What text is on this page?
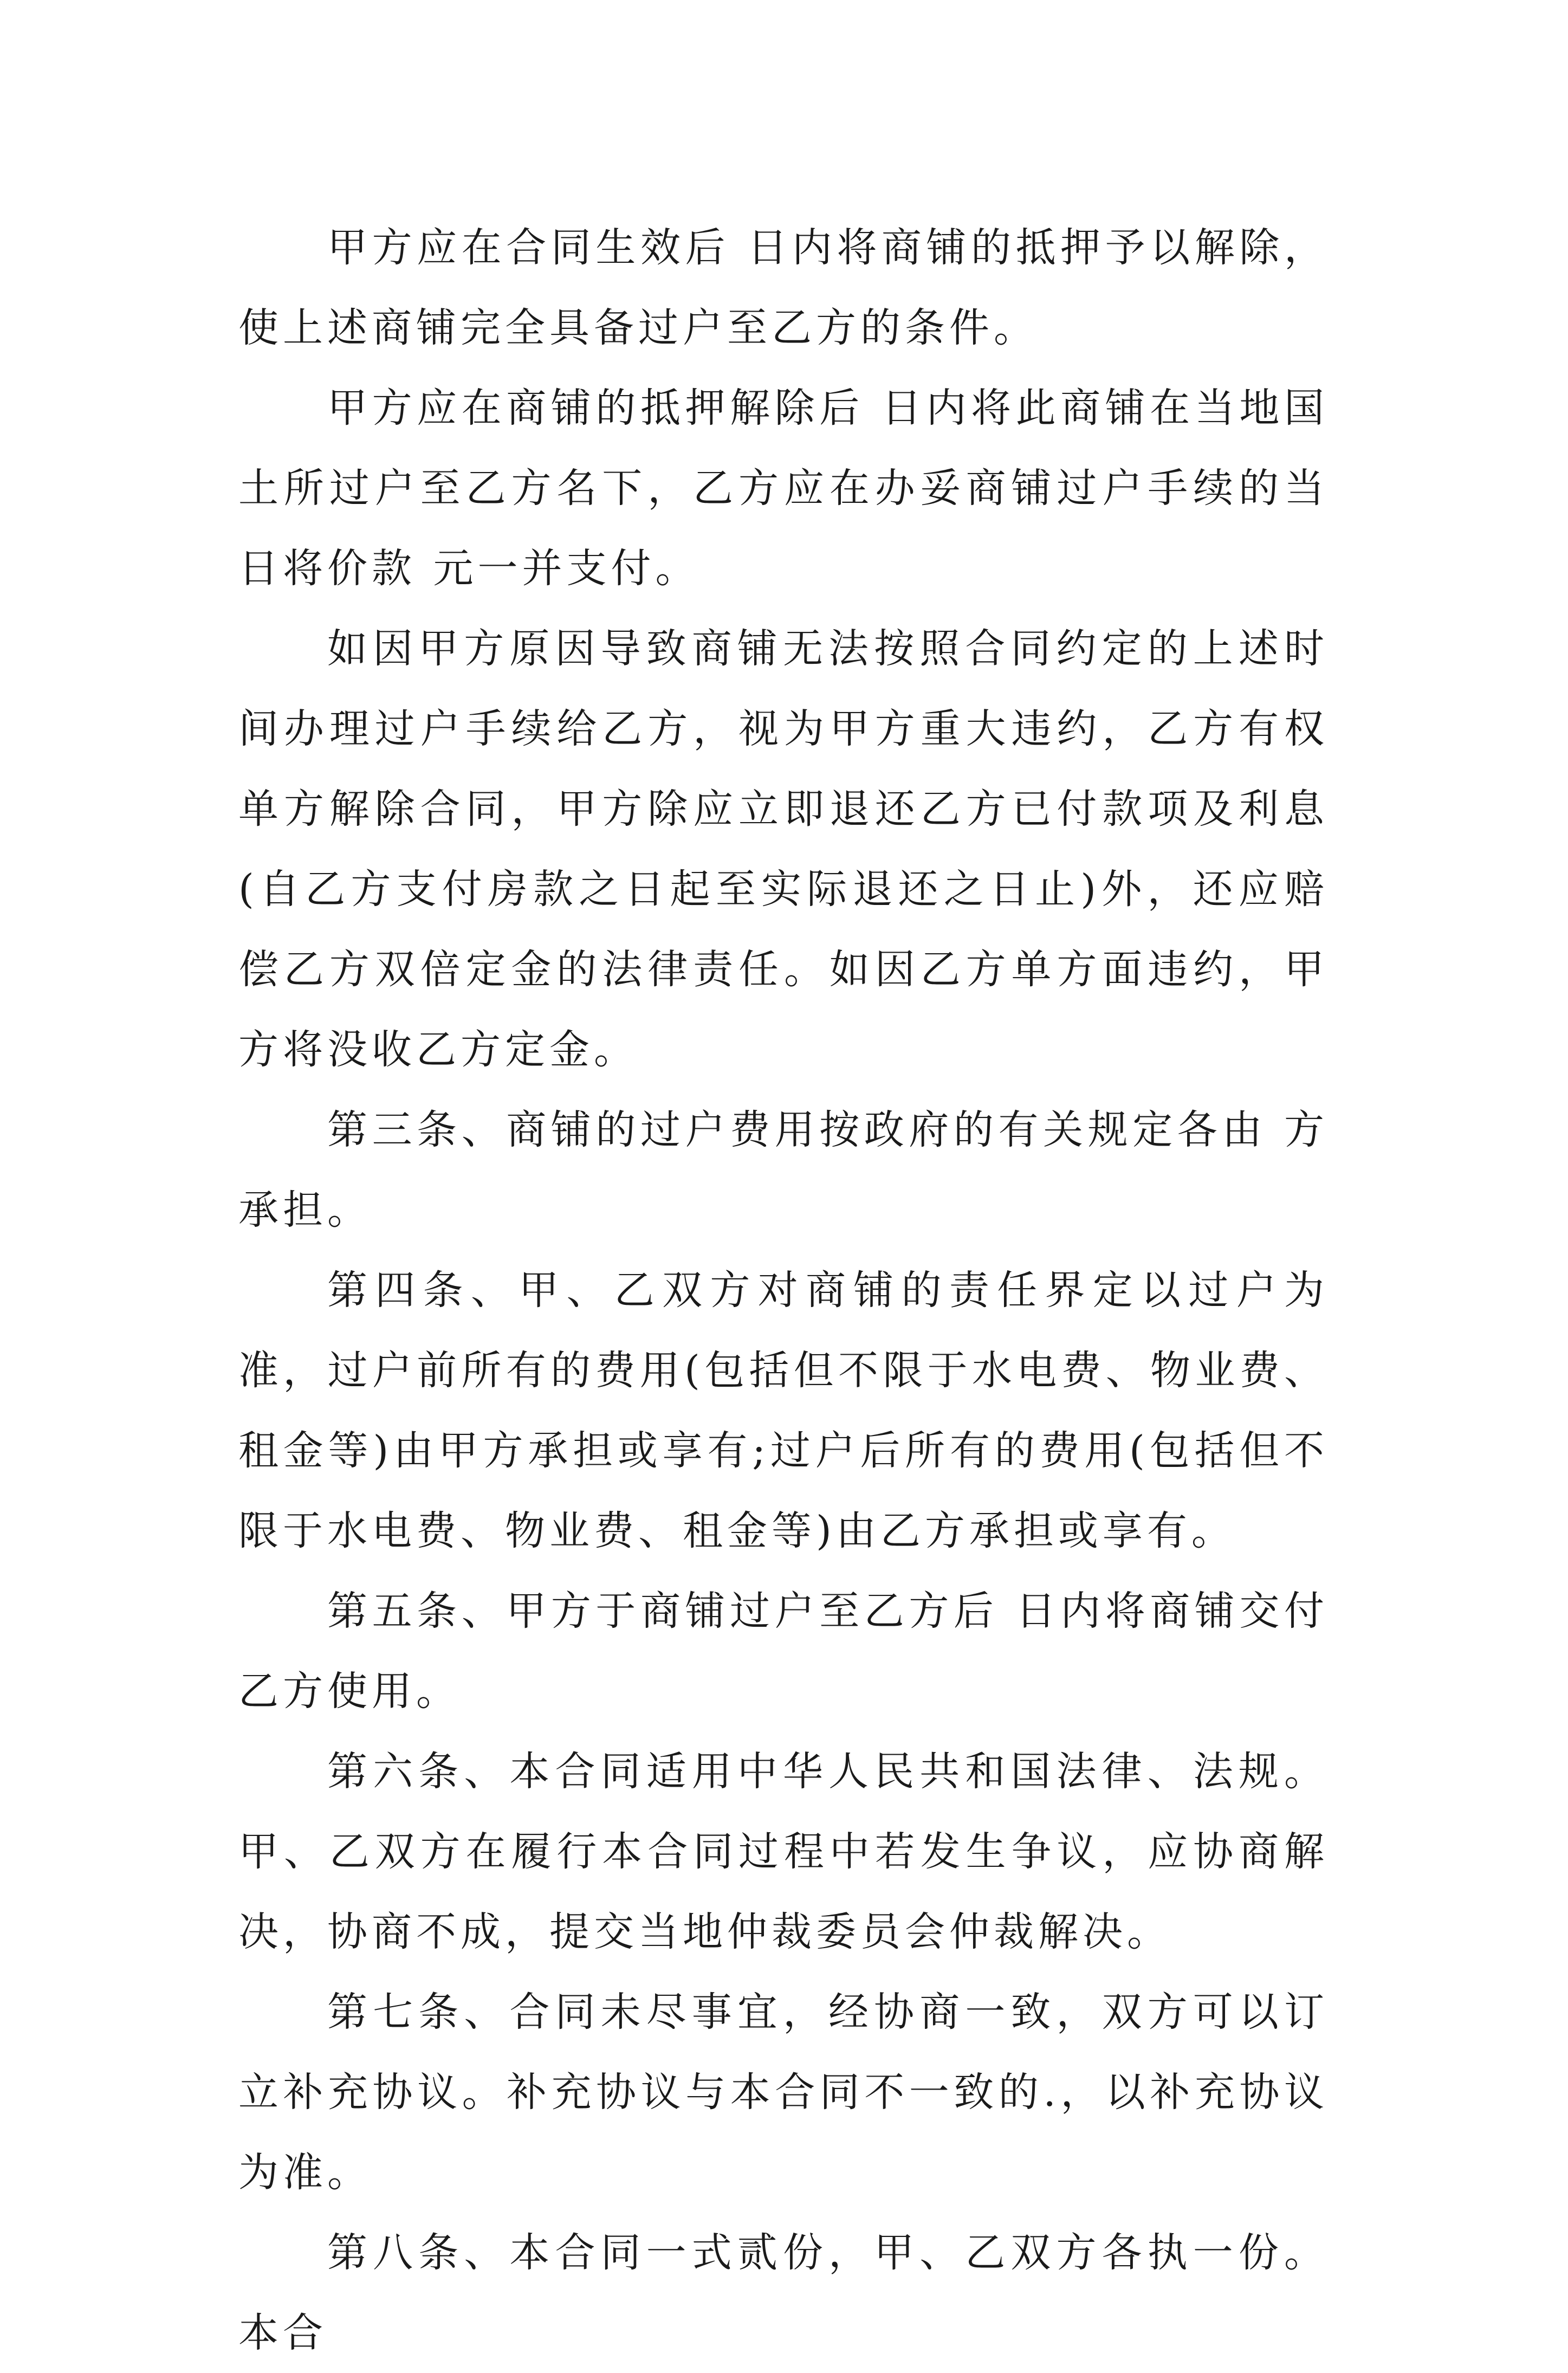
甲方应在合同生效后 日内将商铺的抵押予以解除，使上述商铺完全具备过户至乙方的条件。

甲方应在商铺的抵押解除后 日内将此商铺在当地国土所过户至乙方名下，乙方应在办妥商铺过户手续的当日将价款 元一并支付。

如因甲方原因导致商铺无法按照合同约定的上述时间办理过户手续给乙方，视为甲方重大违约，乙方有权单方解除合同，甲方除应立即退还乙方已付款项及利息(自乙方支付房款之日起至实际退还之日止)外，还应赔偿乙方双倍定金的法律责任。如因乙方单方面违约，甲方将没收乙方定金。

第三条、商铺的过户费用按政府的有关规定各由 方承担。

第四条、甲、乙双方对商铺的责任界定以过户为准，过户前所有的费用(包括但不限于水电费、物业费、租金等)由甲方承担或享有;过户后所有的费用(包括但不限于水电费、物业费、租金等)由乙方承担或享有。

第五条、甲方于商铺过户至乙方后 日内将商铺交付乙方使用。

第六条、本合同适用中华人民共和国法律、法规。甲、乙双方在履行本合同过程中若发生争议，应协商解决，协商不成，提交当地仲裁委员会仲裁解决。

第七条、合同未尽事宜，经协商一致，双方可以订立补充协议。补充协议与本合同不一致的.，以补充协议为准。

第八条、本合同一式贰份，甲、乙双方各执一份。本合
